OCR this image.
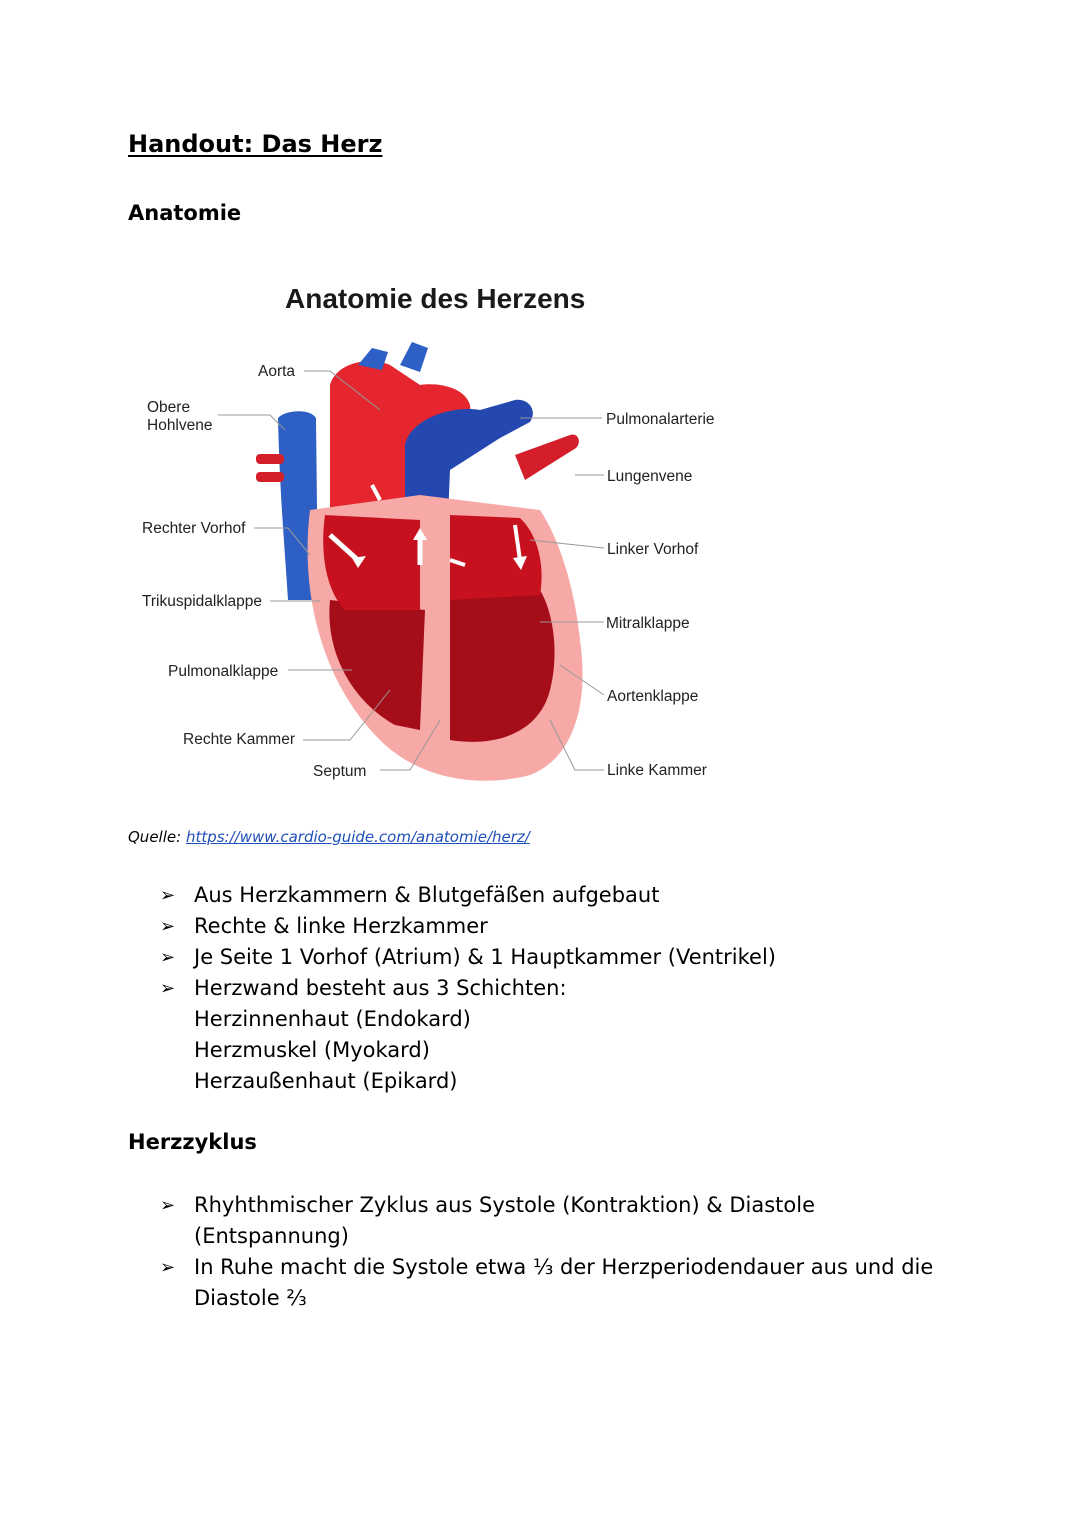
Handout: Das Herz
Anatomie
Anatomie des Herzens
Aorta
Obere
Hohlvene
Rechter Vorhof
Trikuspidalklappe
Pulmonalklappe
Rechte Kammer
Septum
Pulmonalarterie
Lungenvene
Linker Vorhof
Mitralklappe
Aortenklappe
Linke Kammer
Quelle: https://www.cardio-guide.com/anatomie/herz/
➢ Aus Herzkammern & Blutgefäßen aufgebaut
➢ Rechte & linke Herzkammer
➢ Je Seite 1 Vorhof (Atrium) & 1 Hauptkammer (Ventrikel)
➢ Herzwand besteht aus 3 Schichten:
Herzinnenhaut (Endokard)
Herzmuskel (Myokard)
Herzaußenhaut (Epikard)
Herzzyklus
➢ Rhyhthmischer Zyklus aus Systole (Kontraktion) & Diastole
(Entspannung)
➢ In Ruhe macht die Systole etwa ⅓ der Herzperiodendauer aus und die
Diastole ⅔
